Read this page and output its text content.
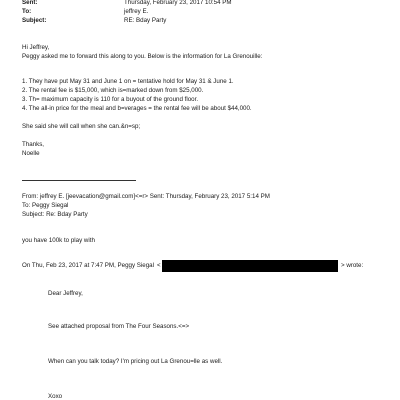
Sent:	Thursday, February 23, 2017 10:54 PM
To:	jeffrey E.
Subject:	RE: Bday Party
Hi Jeffrey,
Peggy asked me to forward this along to you. Below is the information for La Grenouille:
1. They have put May 31 and June 1 on = tentative hold for May 31 & June 1.
2. The rental fee is $15,000, which is=marked down from $25,000.
3. Th= maximum capacity is 110 for a buyout of the ground floor.
4. The all-in price for the meal and b=verages = the rental fee will be about $44,000.
She said she will call when she can.&n=sp;
Thanks,
Noelle
From: jeffrey E. [jeevacation@gmail.com]<=r> Sent: Thursday, February 23, 2017 5:14 PM
To: Peggy Siegal
Subject: Re: Bday Party
you have 100k to play with
On Thu, Feb 23, 2017 at 7:47 PM, Peggy Siegal <	> wrote:
Dear Jeffrey,
See attached proposal from The Four Seasons.<=>
When can you talk today? I'm pricing out La Grenou=lle as well.
Xoxo
